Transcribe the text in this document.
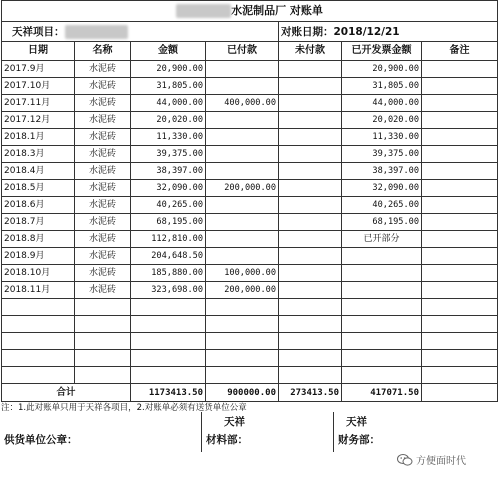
水泥制品厂 对账单						
天祥项目：				对账日期：2018/12/21		
日期	名称	金额	已付款	未付款	已开发票金额	备注
2017.9月	水泥砖	20,900.00			20,900.00	
2017.10月	水泥砖	31,805.00			31,805.00	
2017.11月	水泥砖	44,000.00	400,000.00		44,000.00	
2017.12月	水泥砖	20,020.00			20,020.00	
2018.1月	水泥砖	11,330.00			11,330.00	
2018.3月	水泥砖	39,375.00			39,375.00	
2018.4月	水泥砖	38,397.00			38,397.00	
2018.5月	水泥砖	32,090.00	200,000.00		32,090.00	
2018.6月	水泥砖	40,265.00			40,265.00	
2018.7月	水泥砖	68,195.00			68,195.00	
2018.8月	水泥砖	112,810.00			已开部分	
2018.9月	水泥砖	204,648.50				
2018.10月	水泥砖	185,880.00	100,000.00			
2018.11月	水泥砖	323,698.00	200,000.00			

合计		1173413.50	900000.00	273413.50	417071.50	
注：1.此对账单只用于天祥各项目，2.对账单必须有送货单位公章
供货单位公章：
天祥
材料部：
天祥
财务部：
方便面时代
